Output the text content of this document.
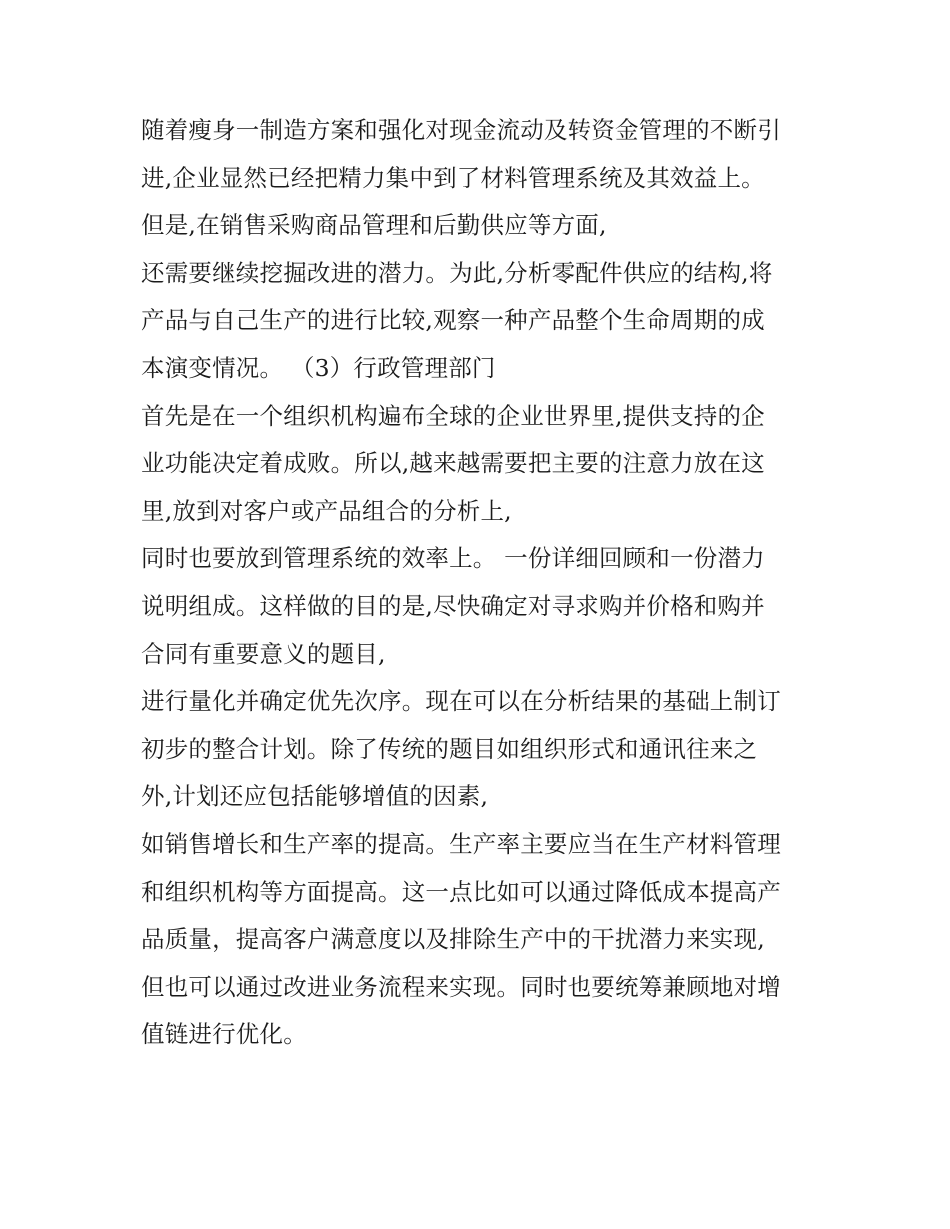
随着瘦身一制造方案和强化对现金流动及转资金管理的不断引
进,企业显然已经把精力集中到了材料管理系统及其效益上。
但是,在销售采购商品管理和后勤供应等方面,
还需要继续挖掘改进的潜力。为此,分析零配件供应的结构,将
产品与自己生产的进行比较,观察一种产品整个生命周期的成
本演变情况。 （3）行政管理部门
首先是在一个组织机构遍布全球的企业世界里,提供支持的企
业功能决定着成败。所以,越来越需要把主要的注意力放在这
里,放到对客户或产品组合的分析上,
同时也要放到管理系统的效率上。 一份详细回顾和一份潜力
说明组成。这样做的目的是,尽快确定对寻求购并价格和购并
合同有重要意义的题目,
进行量化并确定优先次序。现在可以在分析结果的基础上制订
初步的整合计划。除了传统的题目如组织形式和通讯往来之
外,计划还应包括能够增值的因素,
如销售增长和生产率的提高。生产率主要应当在生产材料管理
和组织机构等方面提高。这一点比如可以通过降低成本提高产
品质量，提高客户满意度以及排除生产中的干扰潜力来实现,
但也可以通过改进业务流程来实现。同时也要统筹兼顾地对增
值链进行优化。
